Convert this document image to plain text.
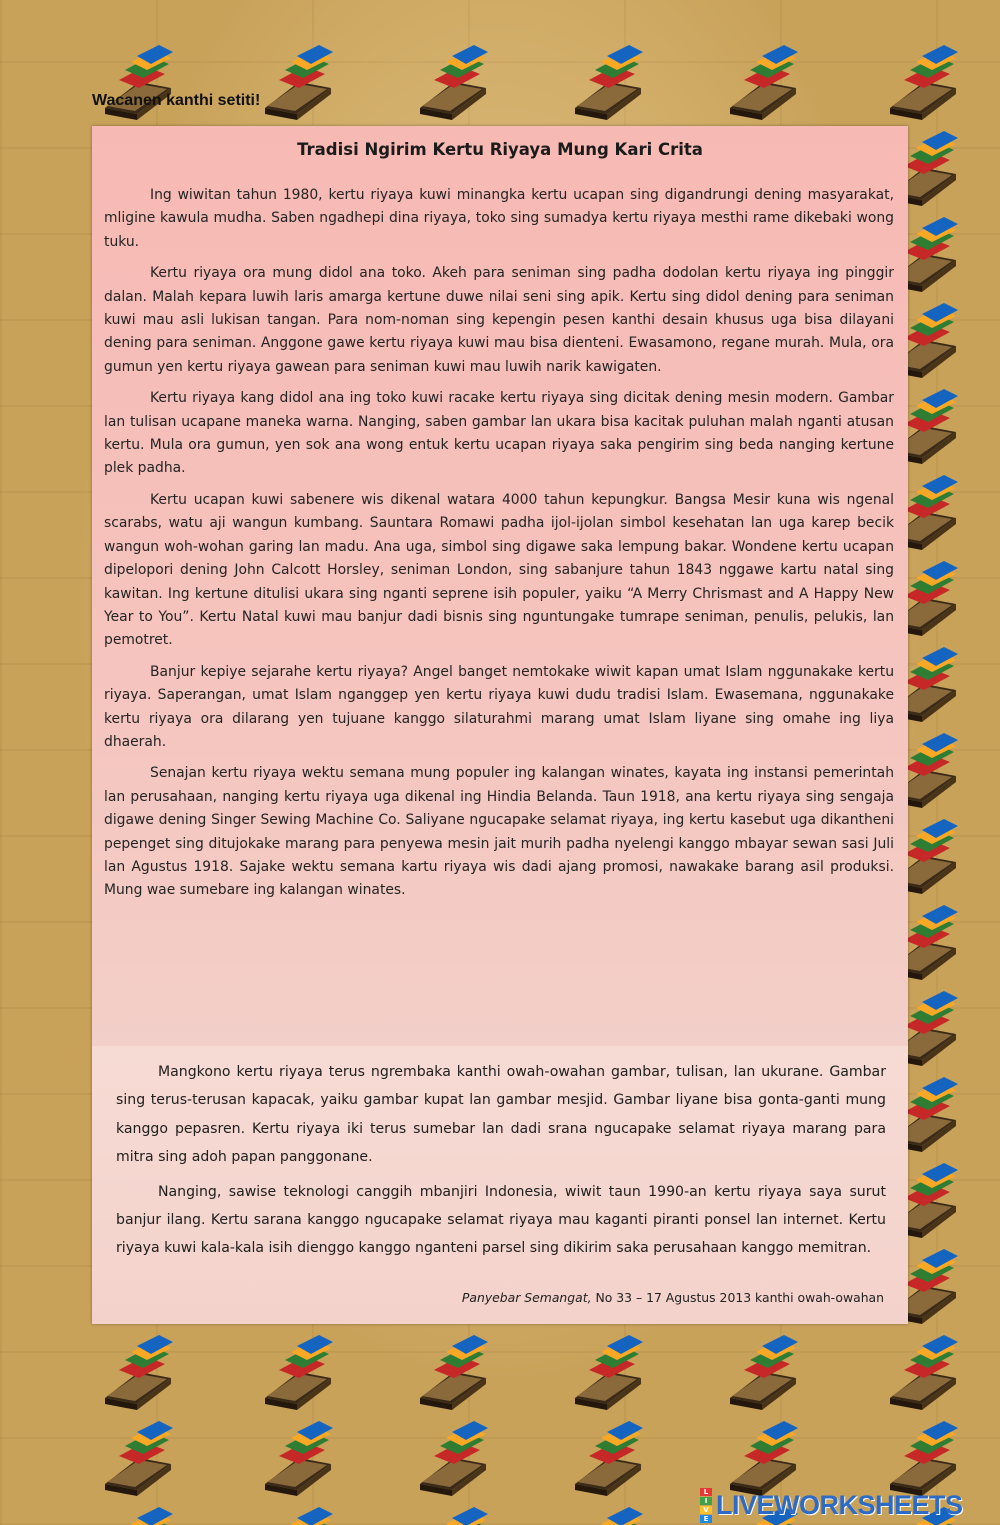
Wacanen kanthi setiti!

Tradisi Ngirim Kertu Riyaya Mung Kari Crita

Ing wiwitan tahun 1980, kertu riyaya kuwi minangka kertu ucapan sing digandrungi dening masyarakat, mligine kawula mudha. Saben ngadhepi dina riyaya, toko sing sumadya kertu riyaya mesthi rame dikebaki wong tuku.

Kertu riyaya ora mung didol ana toko. Akeh para seniman sing padha dodolan kertu riyaya ing pinggir dalan. Malah kepara luwih laris amarga kertune duwe nilai seni sing apik. Kertu sing didol dening para seniman kuwi mau asli lukisan tangan. Para nom-noman sing kepengin pesen kanthi desain khusus uga bisa dilayani dening para seniman. Anggone gawe kertu riyaya kuwi mau bisa dienteni. Ewasamono, regane murah. Mula, ora gumun yen kertu riyaya gawean para seniman kuwi mau luwih narik kawigaten.

Kertu riyaya kang didol ana ing toko kuwi racake kertu riyaya sing dicitak dening mesin modern. Gambar lan tulisan ucapane maneka warna. Nanging, saben gambar lan ukara bisa kacitak puluhan malah nganti atusan kertu. Mula ora gumun, yen sok ana wong entuk kertu ucapan riyaya saka pengirim sing beda nanging kertune plek padha.

Kertu ucapan kuwi sabenere wis dikenal watara 4000 tahun kepungkur. Bangsa Mesir kuna wis ngenal scarabs, watu aji wangun kumbang. Sauntara Romawi padha ijol-ijolan simbol kesehatan lan uga karep becik wangun woh-wohan garing lan madu. Ana uga, simbol sing digawe saka lempung bakar. Wondene kertu ucapan dipelopori dening John Calcott Horsley, seniman London, sing sabanjure tahun 1843 nggawe kartu natal sing kawitan. Ing kertune ditulisi ukara sing nganti seprene isih populer, yaiku “A Merry Chrismast and A Happy New Year to You”. Kertu Natal kuwi mau banjur dadi bisnis sing nguntungake tumrape seniman, penulis, pelukis, lan pemotret.

Banjur kepiye sejarahe kertu riyaya? Angel banget nemtokake wiwit kapan umat Islam nggunakake kertu riyaya. Saperangan, umat Islam nganggep yen kertu riyaya kuwi dudu tradisi Islam. Ewasemana, nggunakake kertu riyaya ora dilarang yen tujuane kanggo silaturahmi marang umat Islam liyane sing omahe ing liya dhaerah.

Senajan kertu riyaya wektu semana mung populer ing kalangan winates, kayata ing instansi pemerintah lan perusahaan, nanging kertu riyaya uga dikenal ing Hindia Belanda. Taun 1918, ana kertu riyaya sing sengaja digawe dening Singer Sewing Machine Co. Saliyane ngucapake selamat riyaya, ing kertu kasebut uga dikantheni pepenget sing ditujokake marang para penyewa mesin jait murih padha nyelengi kanggo mbayar sewan sasi Juli lan Agustus 1918. Sajake wektu semana kartu riyaya wis dadi ajang promosi, nawakake barang asil produksi. Mung wae sumebare ing kalangan winates.

Mangkono kertu riyaya terus ngrembaka kanthi owah-owahan gambar, tulisan, lan ukurane. Gambar sing terus-terusan kapacak, yaiku gambar kupat lan gambar mesjid. Gambar liyane bisa gonta-ganti mung kanggo pepasren. Kertu riyaya iki terus sumebar lan dadi srana ngucapake selamat riyaya marang para mitra sing adoh papan panggonane.

Nanging, sawise teknologi canggih mbanjiri Indonesia, wiwit taun 1990-an kertu riyaya saya surut banjur ilang. Kertu sarana kanggo ngucapake selamat riyaya mau kaganti piranti ponsel lan internet. Kertu riyaya kuwi kala-kala isih dienggo kanggo nganteni parsel sing dikirim saka perusahaan kanggo memitran.

Panyebar Semangat, No 33 – 17 Agustus 2013 kanthi owah-owahan

L
I
V
E LIVEWORKSHEETS
